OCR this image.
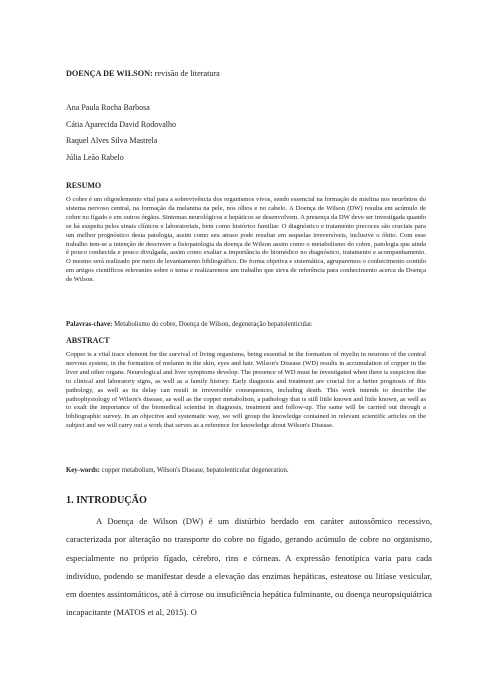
DOENÇA DE WILSON: revisão de literatura
Ana Paula Rocha Barbosa
Cátia Aparecida David Rodovalho
Raquel Alves Silva Mastrela
Júlia Leão Rabelo
RESUMO
O cobre é um oligoelemento vital para a sobrevivência dos organismos vivos, sendo essencial na formação de mielina nos neurônios do sistema nervoso central, na formação da melanina na pele, nos olhos e no cabelo. A Doença de Wilson (DW) resulta em acúmulo de cobre no fígado e em outros órgãos. Sintomas neurológicos e hepáticos se desenvolvem. A presença da DW deve ser investigada quando se há suspeita pelos sinais clínicos e laboratoriais, bem como histórico familiar. O diagnóstico e tratamento precoces são cruciais para um melhor prognóstico desta patologia, assim como seu atraso pode resultar em sequelas irreversíveis, inclusive o óbito. Com esse trabalho tem-se a intenção de descrever a fisiopatologia da doença de Wilson assim como o metabolismo do cobre, patologia que ainda é pouco conhecida e pouco divulgada, assim como exaltar a importância do biomédico no diagnóstico, tratamento e acompanhamento. O mesmo será realizado por meio de levantamento bibliográfico. De forma objetiva e sistemática, agruparemos o conhecimento contido em artigos científicos relevantes sobre o tema e realizaremos um trabalho que sirva de referência para conhecimento acerca da Doença de Wilson.
Palavras-chave: Metabolismo do cobre, Doença de Wilson, degeneração hepatolenticular.
ABSTRACT
Copper is a vital trace element for the survival of living organisms, being essential in the formation of myelin in neurons of the central nervous system, in the formation of melanin in the skin, eyes and hair. Wilson's Disease (WD) results in accumulation of copper in the liver and other organs. Neurological and liver symptoms develop. The presence of WD must be investigated when there is suspicion due to clinical and laboratory signs, as well as a family history. Early diagnosis and treatment are crucial for a better prognosis of this pathology, as well as its delay can result in irreversible consequences, including death. This work intends to describe the pathophysiology of Wilson's disease, as well as the copper metabolism, a pathology that is still little known and little known, as well as to exalt the importance of the biomedical scientist in diagnosis, treatment and follow-up. The same will be carried out through a bibliographic survey. In an objective and systematic way, we will group the knowledge contained in relevant scientific articles on the subject and we will carry out a work that serves as a reference for knowledge about Wilson's Disease.
Key-words: copper metabolism, Wilson's Disease, hepatolenticular degeneration.
1. INTRODUÇÃO
A Doença de Wilson (DW) é um distúrbio herdado em caráter autossômico recessivo, caracterizada por alteração no transporte do cobre no fígado, gerando acúmulo de cobre no organismo, especialmente no próprio fígado, cérebro, rins e córneas. A expressão fenotípica varia para cada indivíduo, podendo se manifestar desde a elevação das enzimas hepáticas, esteatose ou litíase vesicular, em doentes assintomáticos, até à cirrose ou insuficiência hepática fulminante, ou doença neuropsiquiátrica incapacitante (MATOS et al, 2015). O
